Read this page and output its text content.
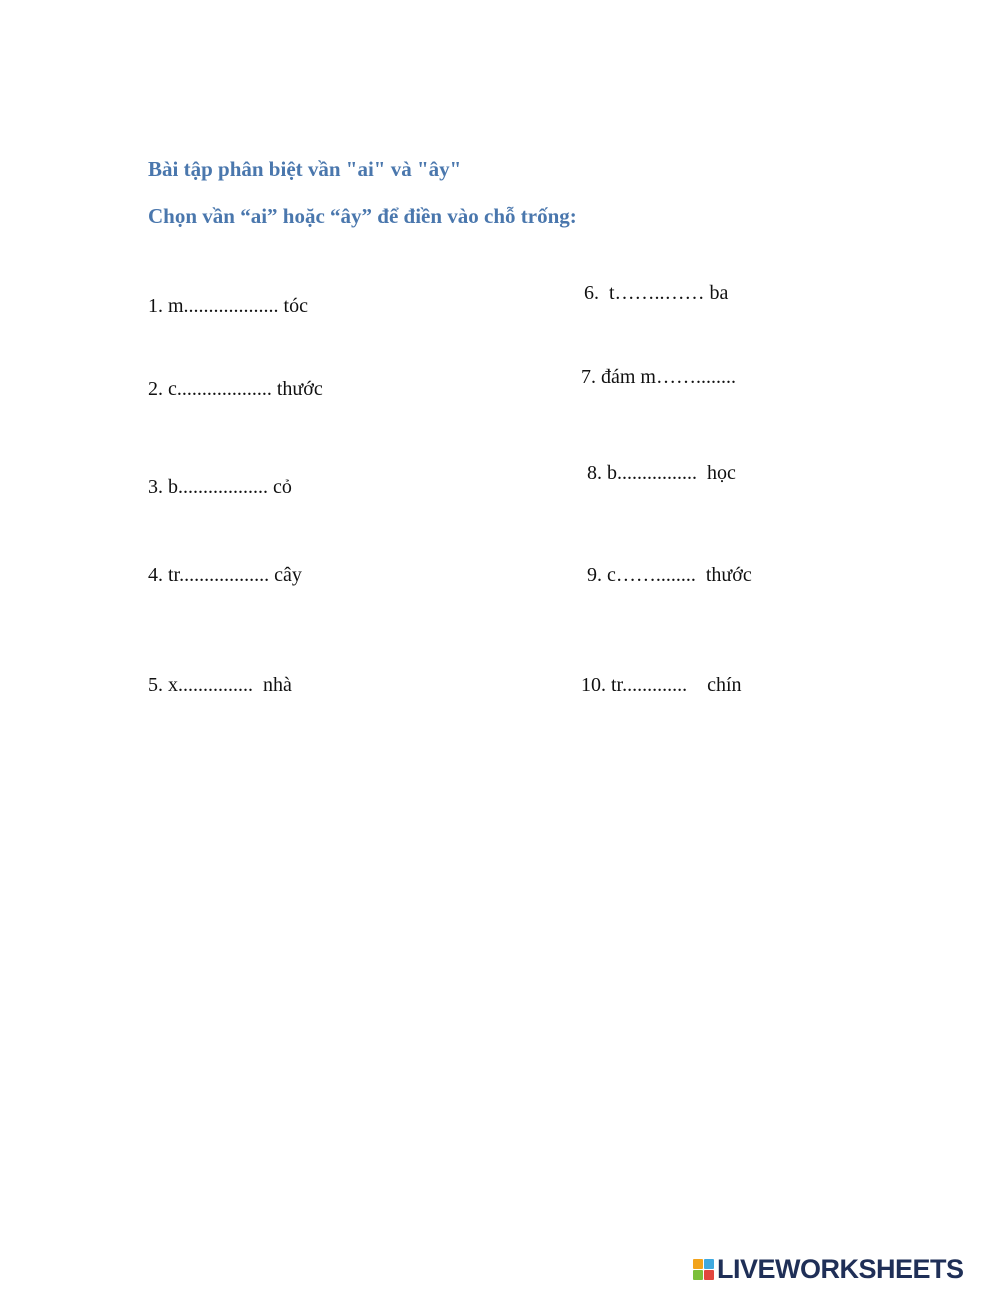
Bài tập phân biệt vần "ai" và "ây"
Chọn vần “ai” hoặc “ây” để điền vào chỗ trống:
1. m................... tóc
2. c................... thước
3. b.................. cỏ
4. tr.................. cây
5. x...............  nhà
6.  t……..…… ba
7. đám m……........
8. b................  học
9. c……........  thước
10. tr.............    chín
LIVEWORKSHEETS
